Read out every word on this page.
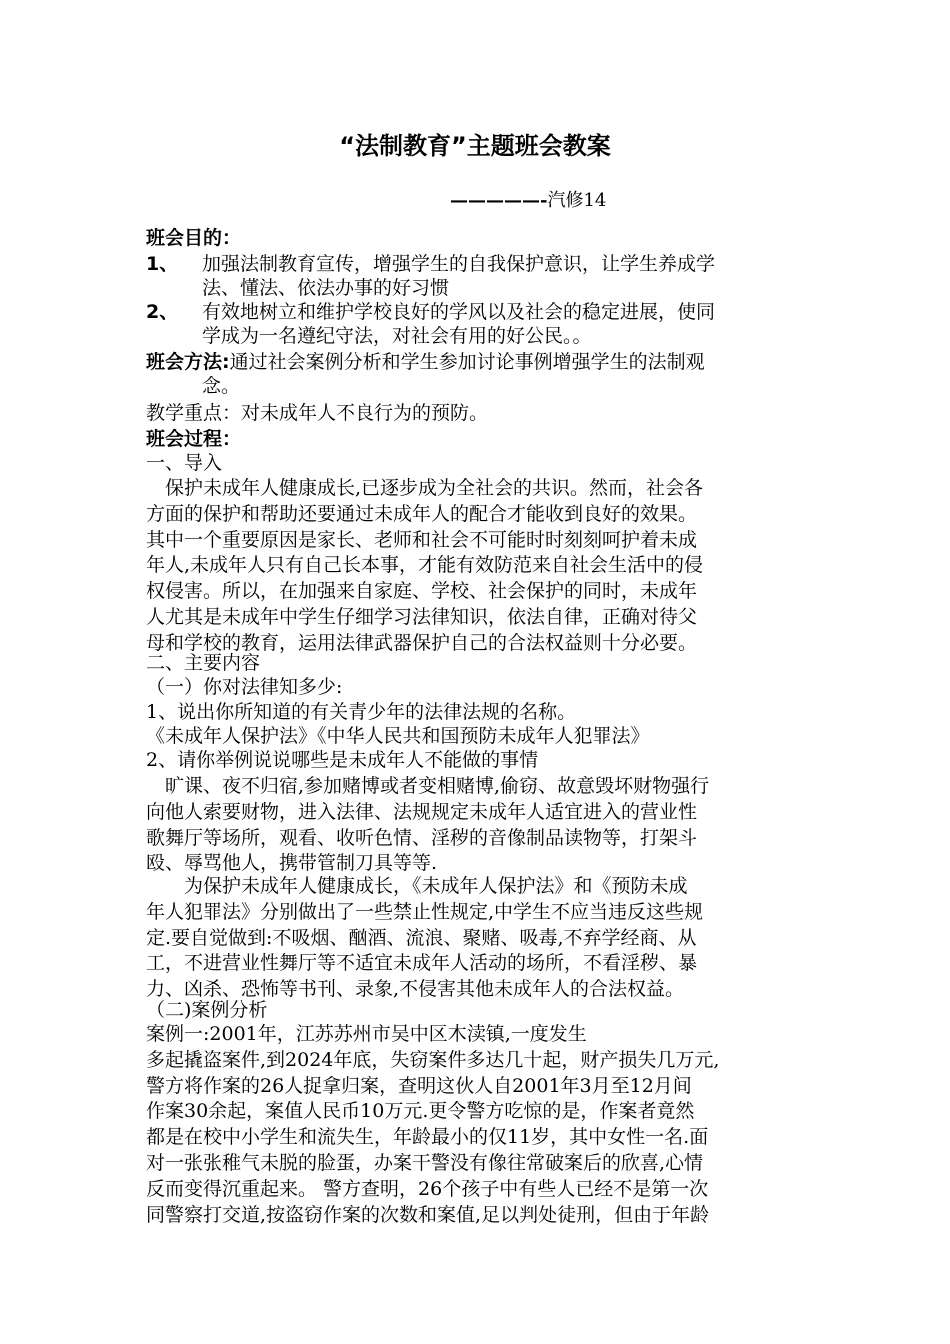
“法制教育”主题班会教案
—————-汽修14
班会目的：
1、 加强法制教育宣传，增强学生的自我保护意识，让学生养成学
法、懂法、依法办事的好习惯
2、 有效地树立和维护学校良好的学风以及社会的稳定进展，使同
学成为一名遵纪守法，对社会有用的好公民。。
班会方法:通过社会案例分析和学生参加讨论事例增强学生的法制观
念。
教学重点：对未成年人不良行为的预防。
班会过程：
一、导入
　保护未成年人健康成长,已逐步成为全社会的共识。然而，社会各
方面的保护和帮助还要通过未成年人的配合才能收到良好的效果。
其中一个重要原因是家长、老师和社会不可能时时刻刻呵护着未成
年人,未成年人只有自己长本事，才能有效防范来自社会生活中的侵
权侵害。所以，在加强来自家庭、学校、社会保护的同时，未成年
人尤其是未成年中学生仔细学习法律知识，依法自律，正确对待父
母和学校的教育，运用法律武器保护自己的合法权益则十分必要。
二、主要内容
（一）你对法律知多少:
1、说出你所知道的有关青少年的法律法规的名称。
《未成年人保护法》《中华人民共和国预防未成年人犯罪法》
2、请你举例说说哪些是未成年人不能做的事情
　旷课、夜不归宿,参加赌博或者变相赌博,偷窃、故意毁坏财物强行
向他人索要财物，进入法律、法规规定未成年人适宜进入的营业性
歌舞厅等场所，观看、收听色情、淫秽的音像制品读物等，打架斗
殴、辱骂他人，携带管制刀具等等.
　　为保护未成年人健康成长，《未成年人保护法》和《预防未成
年人犯罪法》分别做出了一些禁止性规定,中学生不应当违反这些规
定.要自觉做到:不吸烟、酗酒、流浪、聚赌、吸毒,不弃学经商、从
工，不进营业性舞厅等不适宜未成年人活动的场所，不看淫秽、暴
力、凶杀、恐怖等书刊、录象,不侵害其他未成年人的合法权益。
（二)案例分析
案例一:2001年，江苏苏州市吴中区木渎镇,一度发生
多起撬盗案件,到2024年底，失窃案件多达几十起，财产损失几万元,
警方将作案的26人捉拿归案，查明这伙人自2001年3月至12月间
作案30余起，案值人民币10万元.更令警方吃惊的是，作案者竟然
都是在校中小学生和流失生，年龄最小的仅11岁，其中女性一名.面
对一张张稚气未脱的脸蛋，办案干警没有像往常破案后的欣喜,心情
反而变得沉重起来。 警方查明，26个孩子中有些人已经不是第一次
同警察打交道,按盗窃作案的次数和案值,足以判处徒刑，但由于年龄
